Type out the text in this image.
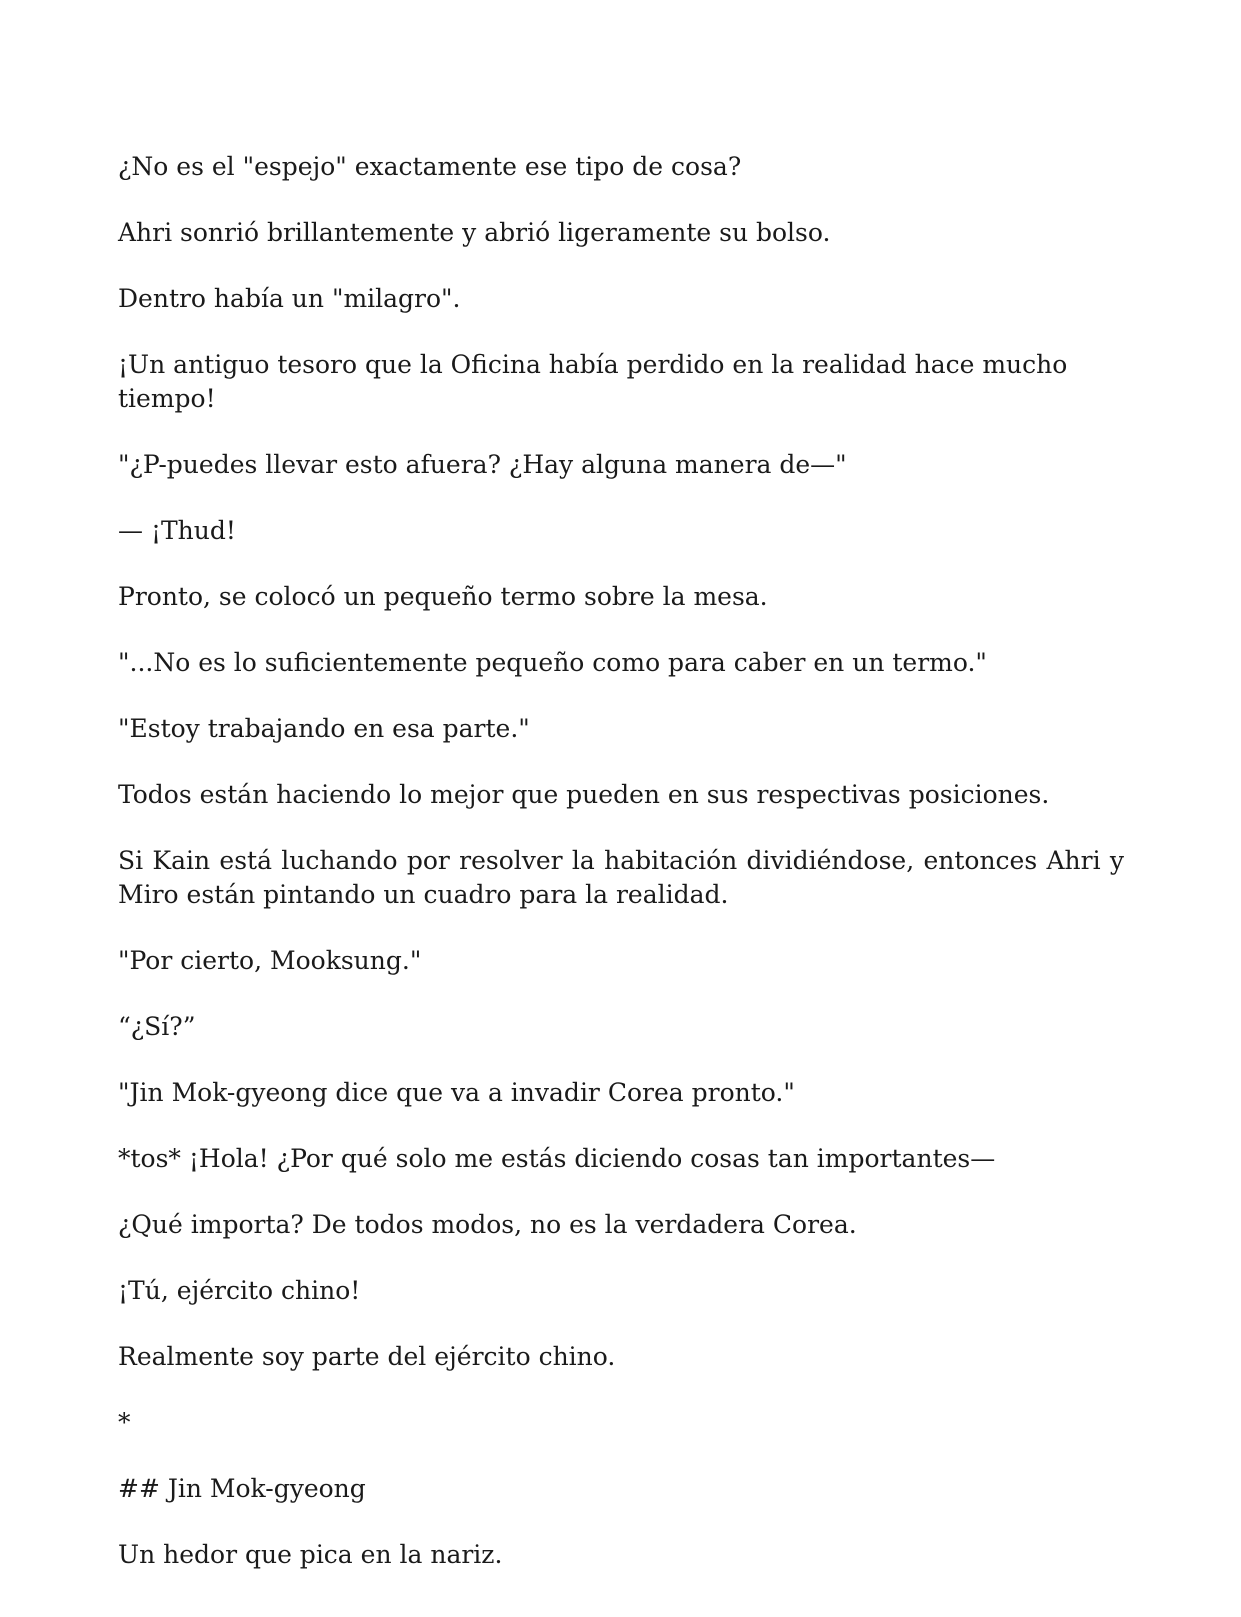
¿No es el "espejo" exactamente ese tipo de cosa?

Ahri sonrió brillantemente y abrió ligeramente su bolso.

Dentro había un "milagro".

¡Un antiguo tesoro que la Oficina había perdido en la realidad hace mucho tiempo!

"¿P-puedes llevar esto afuera? ¿Hay alguna manera de—"

— ¡Thud!

Pronto, se colocó un pequeño termo sobre la mesa.

"...No es lo suficientemente pequeño como para caber en un termo."

"Estoy trabajando en esa parte."

Todos están haciendo lo mejor que pueden en sus respectivas posiciones.

Si Kain está luchando por resolver la habitación dividiéndose, entonces Ahri y Miro están pintando un cuadro para la realidad.

"Por cierto, Mooksung."

“¿Sí?”

"Jin Mok-gyeong dice que va a invadir Corea pronto."

*tos* ¡Hola! ¿Por qué solo me estás diciendo cosas tan importantes—

¿Qué importa? De todos modos, no es la verdadera Corea.

¡Tú, ejército chino!

Realmente soy parte del ejército chino.

*

## Jin Mok-gyeong

Un hedor que pica en la nariz.
